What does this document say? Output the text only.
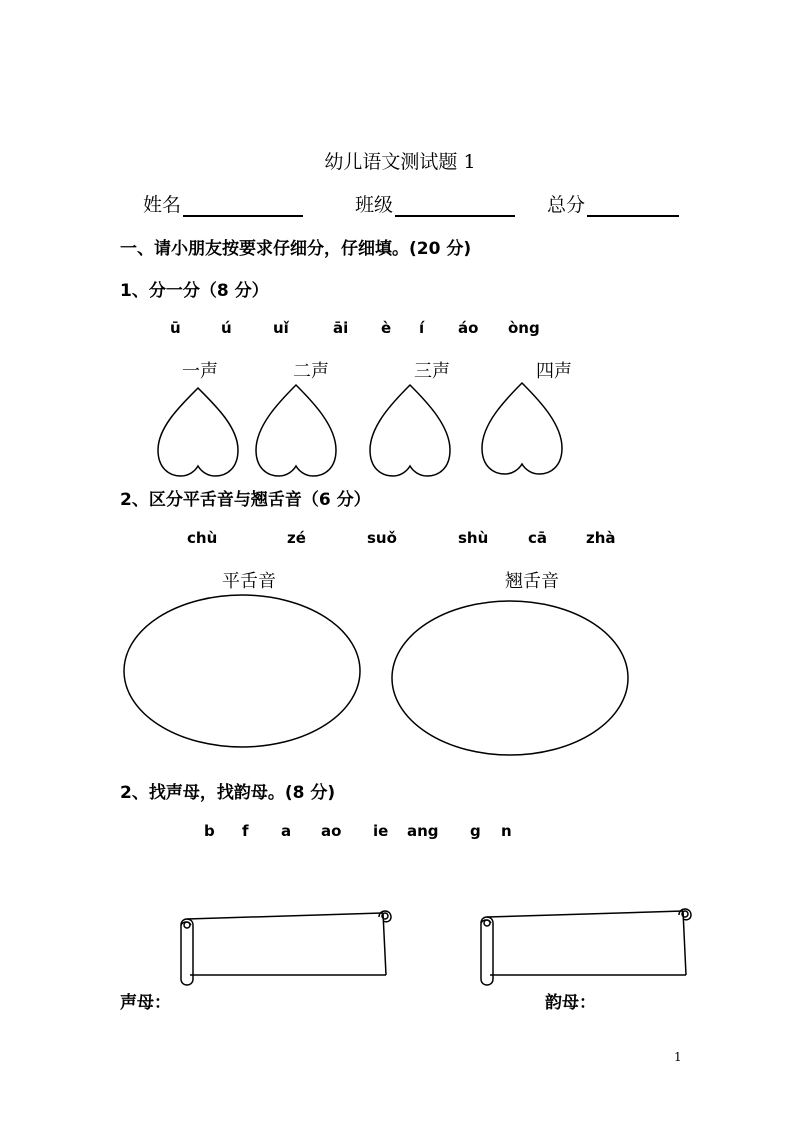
幼儿语文测试题 1
姓名	班级	总分
一、请小朋友按要求仔细分，仔细填。(20 分)
1、分一分（8 分）
ū	ú	uǐ	āi è í áo òng
一声	二声	三声	四声
2、区分平舌音与翘舌音（6 分）
chù	zé	suǒ	shù	cā	zhà
平舌音	翘舌音
2、找声母，找韵母。(8 分)
b f a ao ie ang g n
声母：	韵母：
1
